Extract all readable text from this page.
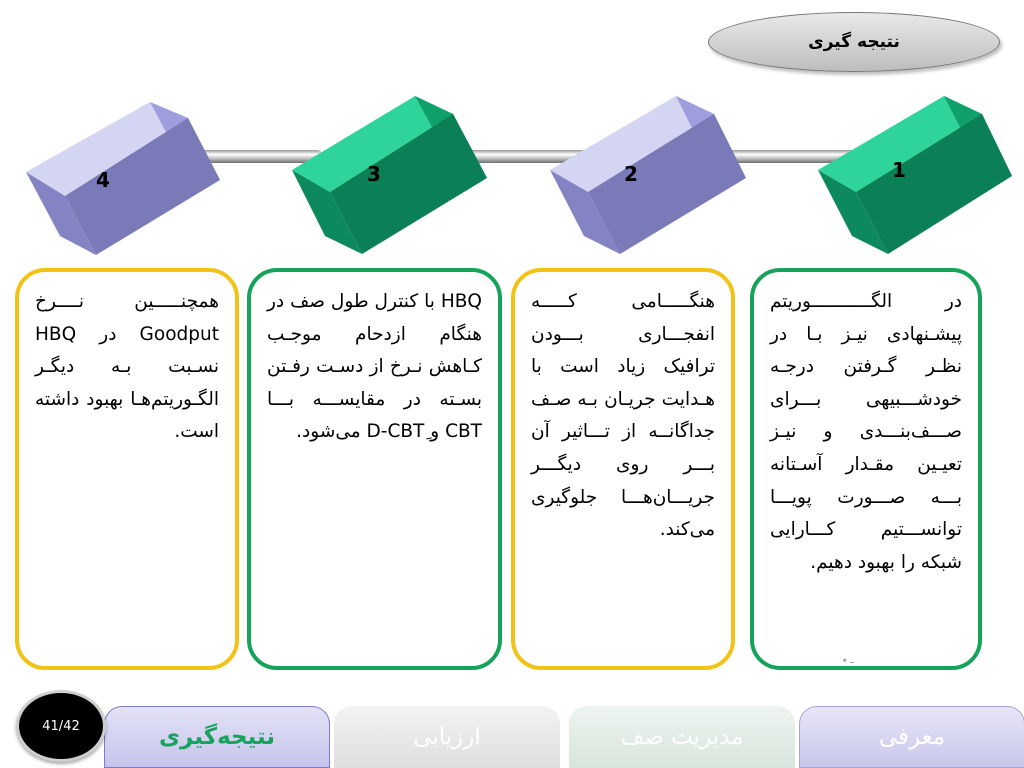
نتیجه گیری
1
2
3
4
در الگـــــــــــوریتم پیشـنهادی نیـز بـا در نظـر گـرفتن درجـه خودشـــبیهی بـــرای صـــف‌بنـــدی و نیـز تعیـین مقـدار آسـتانه بـــه صـــورت پویـــا توانســـتیم کـــارایی شبکه را بهبود دهیم.
هنگـــــامی کـــــه انفجـــاری بـــودن ترافیک زیاد است با هـدایت جریـان بـه صـف جداگانــه از تـــاثیر آن بـــر روی دیگـــر جریـــان‌هـــا جلوگیری می‌کند.
HBQ با کنترل طول صف در هنگام ازدحام موجـب کـاهش نـرخ از دسـت رفـتن بسـته در مقایســـه بـــا CBT و D-CBTِ می‌شود.
همچنـــــین نــــرخ Goodput در HBQ نسـبت بـه دیگـر الگـوریتم‌هـا بهبود داشته است.
ـ ٭
معرفی
مدیریت صف
ارزیابی
نتیجه‌گیری
41/42
